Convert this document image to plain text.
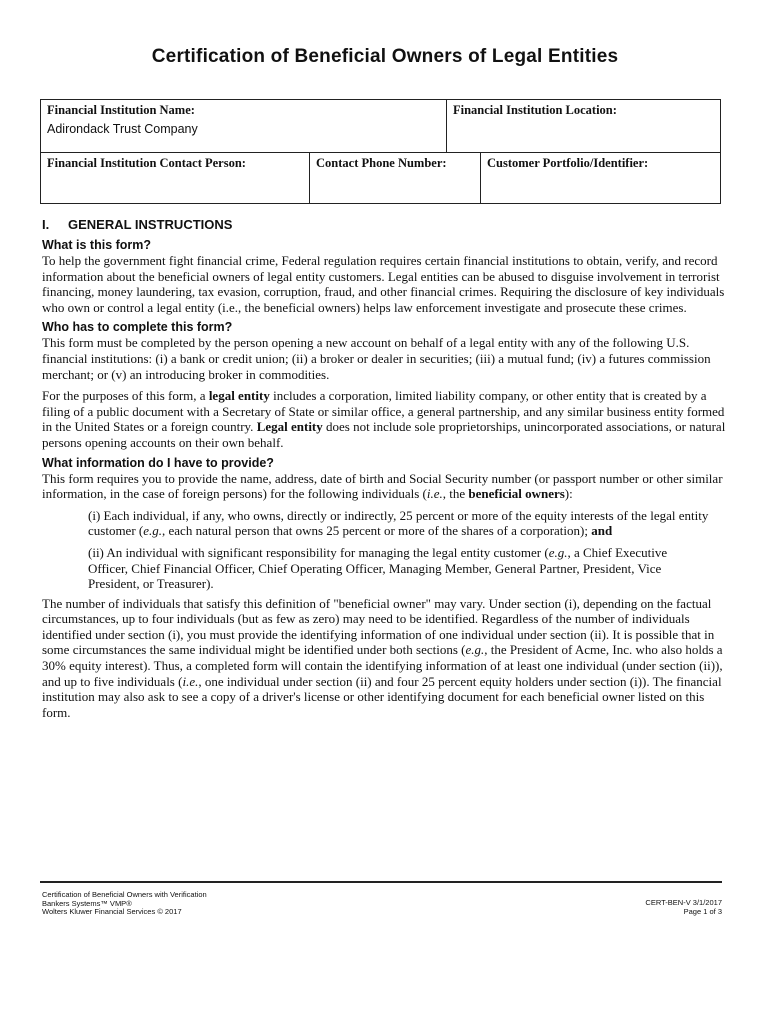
Certification of Beneficial Owners of Legal Entities
Financial Institution Name:
Adirondack Trust Company
Financial Institution Location:
Financial Institution Contact Person:	Contact Phone Number:	Customer Portfolio/Identifier:
I. GENERAL INSTRUCTIONS
What is this form?

To help the government fight financial crime, Federal regulation requires certain financial institutions to obtain, verify, and record information about the beneficial owners of legal entity customers. Legal entities can be abused to disguise involvement in terrorist financing, money laundering, tax evasion, corruption, fraud, and other financial crimes. Requiring the disclosure of key individuals who own or control a legal entity (i.e., the beneficial owners) helps law enforcement investigate and prosecute these crimes.

Who has to complete this form?

This form must be completed by the person opening a new account on behalf of a legal entity with any of the following U.S. financial institutions: (i) a bank or credit union; (ii) a broker or dealer in securities; (iii) a mutual fund; (iv) a futures commission merchant; or (v) an introducing broker in commodities.

For the purposes of this form, a legal entity includes a corporation, limited liability company, or other entity that is created by a filing of a public document with a Secretary of State or similar office, a general partnership, and any similar business entity formed in the United States or a foreign country. Legal entity does not include sole proprietorships, unincorporated associations, or natural persons opening accounts on their own behalf.

What information do I have to provide?

This form requires you to provide the name, address, date of birth and Social Security number (or passport number or other similar information, in the case of foreign persons) for the following individuals (i.e., the beneficial owners):

(i) Each individual, if any, who owns, directly or indirectly, 25 percent or more of the equity interests of the legal entity customer (e.g., each natural person that owns 25 percent or more of the shares of a corporation); and

(ii) An individual with significant responsibility for managing the legal entity customer (e.g., a Chief Executive Officer, Chief Financial Officer, Chief Operating Officer, Managing Member, General Partner, President, Vice President, or Treasurer).

The number of individuals that satisfy this definition of "beneficial owner" may vary. Under section (i), depending on the factual circumstances, up to four individuals (but as few as zero) may need to be identified. Regardless of the number of individuals identified under section (i), you must provide the identifying information of one individual under section (ii). It is possible that in some circumstances the same individual might be identified under both sections (e.g., the President of Acme, Inc. who also holds a 30% equity interest). Thus, a completed form will contain the identifying information of at least one individual (under section (ii)), and up to five individuals (i.e., one individual under section (ii) and four 25 percent equity holders under section (i)). The financial institution may also ask to see a copy of a driver's license or other identifying document for each beneficial owner listed on this form.

Certification of Beneficial Owners with Verification
Bankers Systems™ VMP®
Wolters Kluwer Financial Services © 2017
CERT-BEN-V 3/1/2017
Page 1 of 3
